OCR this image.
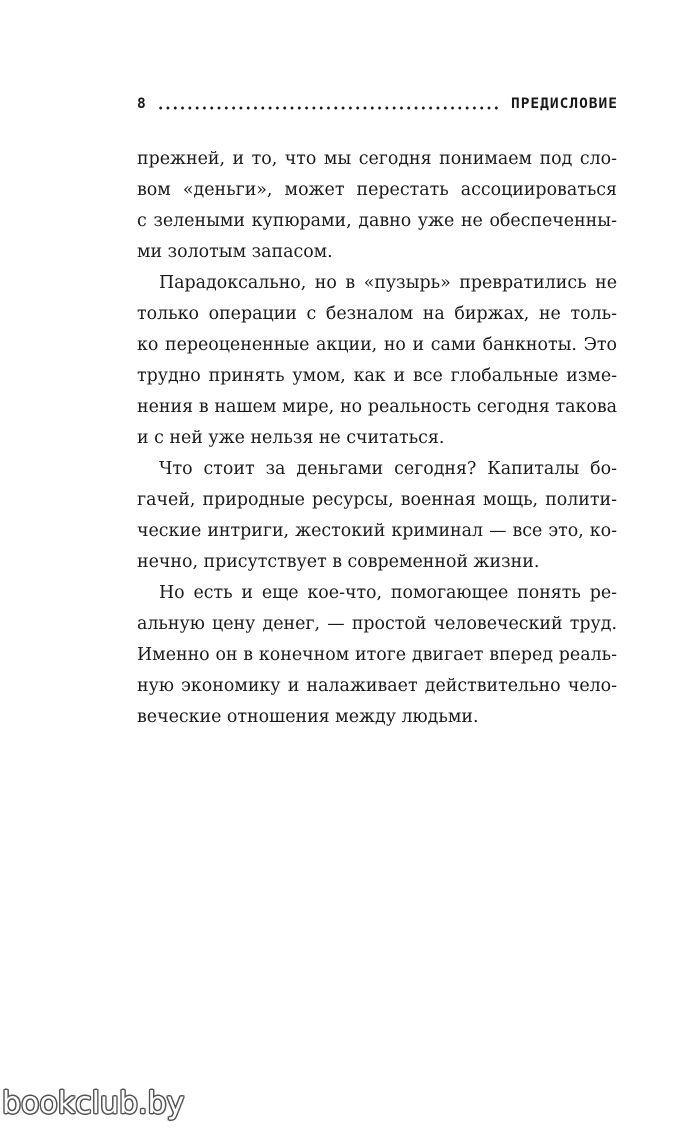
8	ПРЕДИСЛОВИЕ
прежней, и то, что мы сегодня понимаем под сло-
вом «деньги», может перестать ассоциироваться
с зелеными купюрами, давно уже не обеспеченны-
ми золотым запасом.
Парадоксально, но в «пузырь» превратились не
только операции с безналом на биржах, не толь-
ко переоцененные акции, но и сами банкноты. Это
трудно принять умом, как и все глобальные изме-
нения в нашем мире, но реальность сегодня такова
и с ней уже нельзя не считаться.
Что стоит за деньгами сегодня? Капиталы бо-
гачей, природные ресурсы, военная мощь, полити-
ческие интриги, жестокий криминал — все это, ко-
нечно, присутствует в современной жизни.
Но есть и еще кое-что, помогающее понять ре-
альную цену денег, — простой человеческий труд.
Именно он в конечном итоге двигает вперед реаль-
ную экономику и налаживает действительно чело-
веческие отношения между людьми.
bookclub.by
